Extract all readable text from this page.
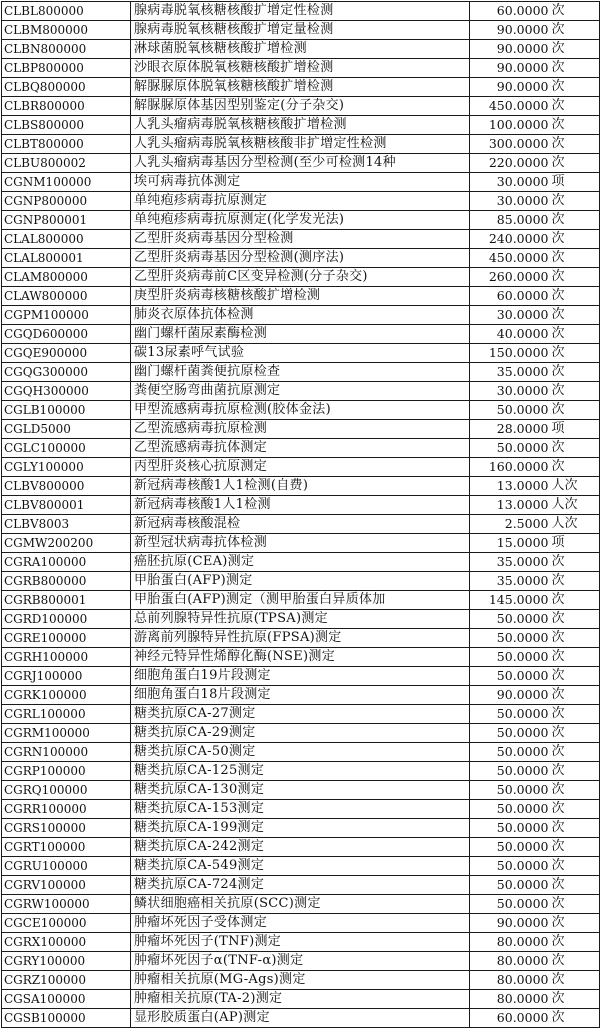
CLBL800000	腺病毒脱氧核糖核酸扩增定性检测	60.0000	次
CLBM800000	腺病毒脱氧核糖核酸扩增定量检测	90.0000	次
CLBN800000	淋球菌脱氧核糖核酸扩增检测	90.0000	次
CLBP800000	沙眼衣原体脱氧核糖核酸扩增检测	90.0000	次
CLBQ800000	解脲脲原体脱氧核糖核酸扩增检测	90.0000	次
CLBR800000	解脲脲原体基因型别鉴定(分子杂交)	450.0000	次
CLBS800000	人乳头瘤病毒脱氧核糖核酸扩增检测	100.0000	次
CLBT800000	人乳头瘤病毒脱氧核糖核酸非扩增定性检测	300.0000	次
CLBU800002	人乳头瘤病毒基因分型检测(至少可检测14种	220.0000	次
CGNM100000	埃可病毒抗体测定	30.0000	项
CGNP800000	单纯疱疹病毒抗原测定	30.0000	次
CGNP800001	单纯疱疹病毒抗原测定(化学发光法)	85.0000	次
CLAL800000	乙型肝炎病毒基因分型检测	240.0000	次
CLAL800001	乙型肝炎病毒基因分型检测(测序法)	450.0000	次
CLAM800000	乙型肝炎病毒前C区变异检测(分子杂交)	260.0000	次
CLAW800000	庚型肝炎病毒核糖核酸扩增检测	60.0000	次
CGPM100000	肺炎衣原体抗体检测	30.0000	次
CGQD600000	幽门螺杆菌尿素酶检测	40.0000	次
CGQE900000	碳13尿素呼气试验	150.0000	次
CGQG300000	幽门螺杆菌粪便抗原检查	35.0000	次
CGQH300000	粪便空肠弯曲菌抗原测定	30.0000	次
CGLB100000	甲型流感病毒抗原检测(胶体金法)	50.0000	次
CGLD5000	乙型流感病毒抗原检测	28.0000	项
CGLC100000	乙型流感病毒抗体测定	50.0000	次
CGLY100000	丙型肝炎核心抗原测定	160.0000	次
CLBV800000	新冠病毒核酸1人1检测(自费)	13.0000	人次
CLBV800001	新冠病毒核酸1人1检测	13.0000	人次
CLBV8003	新冠病毒核酸混检	2.5000	人次
CGMW200200	新型冠状病毒抗体检测	15.0000	项
CGRA100000	癌胚抗原(CEA)测定	35.0000	次
CGRB800000	甲胎蛋白(AFP)测定	35.0000	次
CGRB800001	甲胎蛋白(AFP)测定（测甲胎蛋白异质体加	145.0000	次
CGRD100000	总前列腺特异性抗原(TPSA)测定	50.0000	次
CGRE100000	游离前列腺特异性抗原(FPSA)测定	50.0000	次
CGRH100000	神经元特异性烯醇化酶(NSE)测定	50.0000	次
CGRJ100000	细胞角蛋白19片段测定	50.0000	次
CGRK100000	细胞角蛋白18片段测定	90.0000	次
CGRL100000	糖类抗原CA-27测定	50.0000	次
CGRM100000	糖类抗原CA-29测定	50.0000	次
CGRN100000	糖类抗原CA-50测定	50.0000	次
CGRP100000	糖类抗原CA-125测定	50.0000	次
CGRQ100000	糖类抗原CA-130测定	50.0000	次
CGRR100000	糖类抗原CA-153测定	50.0000	次
CGRS100000	糖类抗原CA-199测定	50.0000	次
CGRT100000	糖类抗原CA-242测定	50.0000	次
CGRU100000	糖类抗原CA-549测定	50.0000	次
CGRV100000	糖类抗原CA-724测定	50.0000	次
CGRW100000	鳞状细胞癌相关抗原(SCC)测定	50.0000	次
CGCE100000	肿瘤坏死因子受体测定	90.0000	次
CGRX100000	肿瘤坏死因子(TNF)测定	80.0000	次
CGRY100000	肿瘤坏死因子α(TNF-α)测定	80.0000	次
CGRZ100000	肿瘤相关抗原(MG-Ags)测定	80.0000	次
CGSA100000	肿瘤相关抗原(TA-2)测定	80.0000	次
CGSB100000	显形胶质蛋白(AP)测定	60.0000	次
